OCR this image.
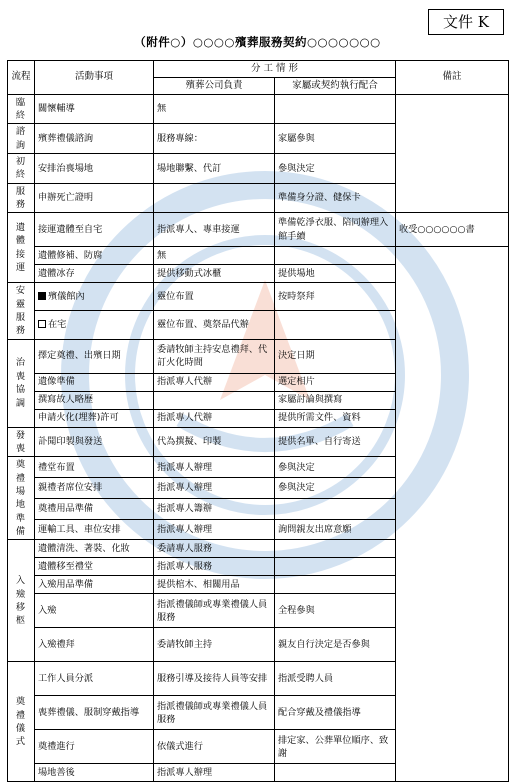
文件 K
（附件○）○○○○殯葬服務契約○○○○○○○
流程	活動事項	分 工 情 形		備註
		殯葬公司負責	家屬或契約執行配合	
臨終	關懷輔導	無		
諮詢	殯葬禮儀諮詢	服務專線：	家屬參與	
初終	安排治喪場地	場地聯繫、代訂	參與決定	
服務	申辦死亡證明		準備身分證、健保卡	
遺體接運	接運遺體至自宅	指派專人、專車接運	準備乾淨衣服、陪同辦理入館手續	收受○○○○○○書
	遺體修補、防腐	無		
	遺體冰存	提供移動式冰櫃	提供場地	
安靈服務	殯儀館內	靈位布置	按時祭拜	
	在宅	靈位布置、奠祭品代辦		
治喪協調	擇定奠禮、出殯日期	委請牧師主持安息禮拜、代訂火化時間	決定日期	
	遺像準備	指派專人代辦	選定相片	
	撰寫故人略歷		家屬討論與撰寫	
	申請火化(埋葬)許可	指派專人代辦	提供所需文件、資料	
發喪	訃聞印製與發送	代為撰擬、印製	提供名單、自行寄送	
奠禮場地準備	禮堂布置	指派專人辦理	參與決定	
	親禮者席位安排	指派專人辦理	參與決定	
	奠禮用品準備	指派專人籌辦		
	運輸工具、車位安排	指派專人辦理	詢問親友出席意願	
入殮移柩	遺體清洗、著裝、化妝	委請專人服務		
	遺體移至禮堂	指派專人服務		
	入殮用品準備	提供棺木、相關用品		
	入殮	指派禮儀師或專業禮儀人員服務	全程參與	
	入殮禮拜	委請牧師主持	親友自行決定是否參與	
奠禮儀式	工作人員分派	服務引導及接待人員等安排	指派受聘人員	
	喪葬禮儀、服制穿戴指導	指派禮儀師或專業禮儀人員服務	配合穿戴及禮儀指導	
	奠禮進行	依儀式進行	排定家、公葬單位順序、致謝	
	場地善後	指派專人辦理		
